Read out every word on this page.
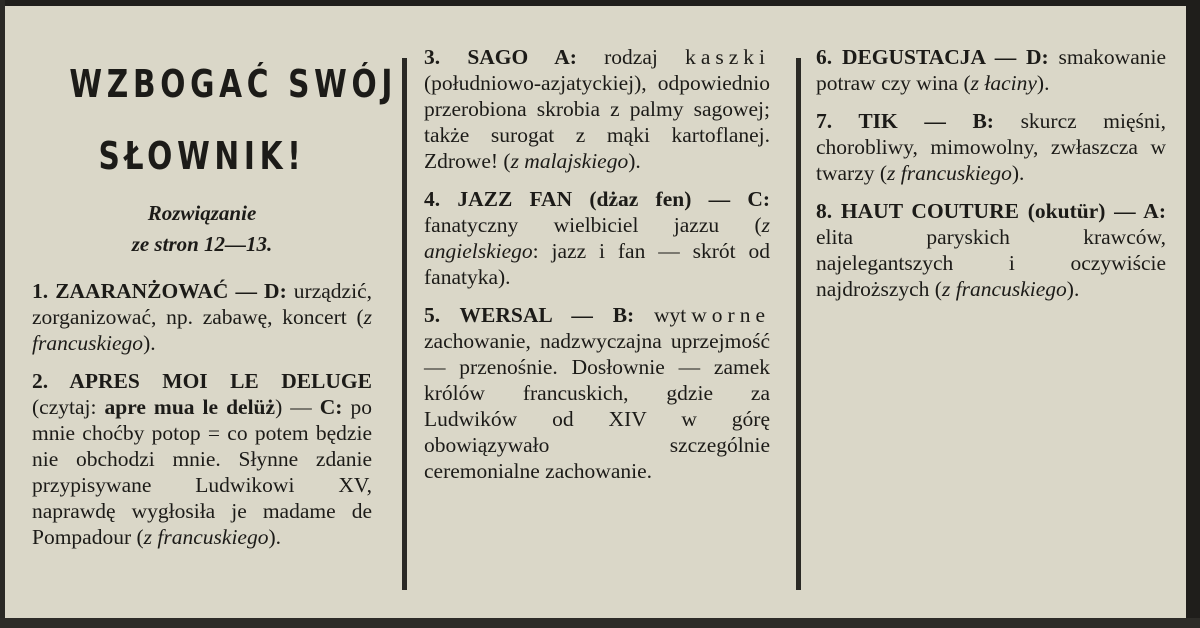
WZBOGAĆ SWÓJ
SŁOWNIK!
Rozwiązanie
ze stron 12—13.

1. ZAARANŻOWAĆ — D: urządzić, zorganizować, np. zabawę, koncert (z francuskiego).

2. APRES MOI LE DELUGE (czytaj: apre mua le delüż) — C: po mnie choćby potop = co potem będzie nie obchodzi mnie. Słynne zdanie przypisywane Ludwikowi XV, naprawdę wygłosiła je madame de Pompadour (z francuskiego).

3. SAGO A: rodzaj kaszki (południowo-azjatyckiej), odpowiednio przerobiona skrobia z palmy sagowej; także surogat z mąki kartoflanej. Zdrowe! (z malajskiego).

4. JAZZ FAN (dżaz fen) — C: fanatyczny wielbiciel jazzu (z angielskiego: jazz i fan — skrót od fanatyka).

5. WERSAL — B: wytworne zachowanie, nadzwyczajna uprzejmość — przenośnie. Dosłownie — zamek królów francuskich, gdzie za Ludwików od XIV w górę obowiązywało szczególnie ceremonialne zachowanie.

6. DEGUSTACJA — D: smakowanie potraw czy wina (z łaciny).

7. TIK — B: skurcz mięśni, chorobliwy, mimowolny, zwłaszcza w twarzy (z francuskiego).

8. HAUT COUTURE (okutür) — A: elita paryskich krawców, najelegantszych i oczywiście najdroższych (z francuskiego).
